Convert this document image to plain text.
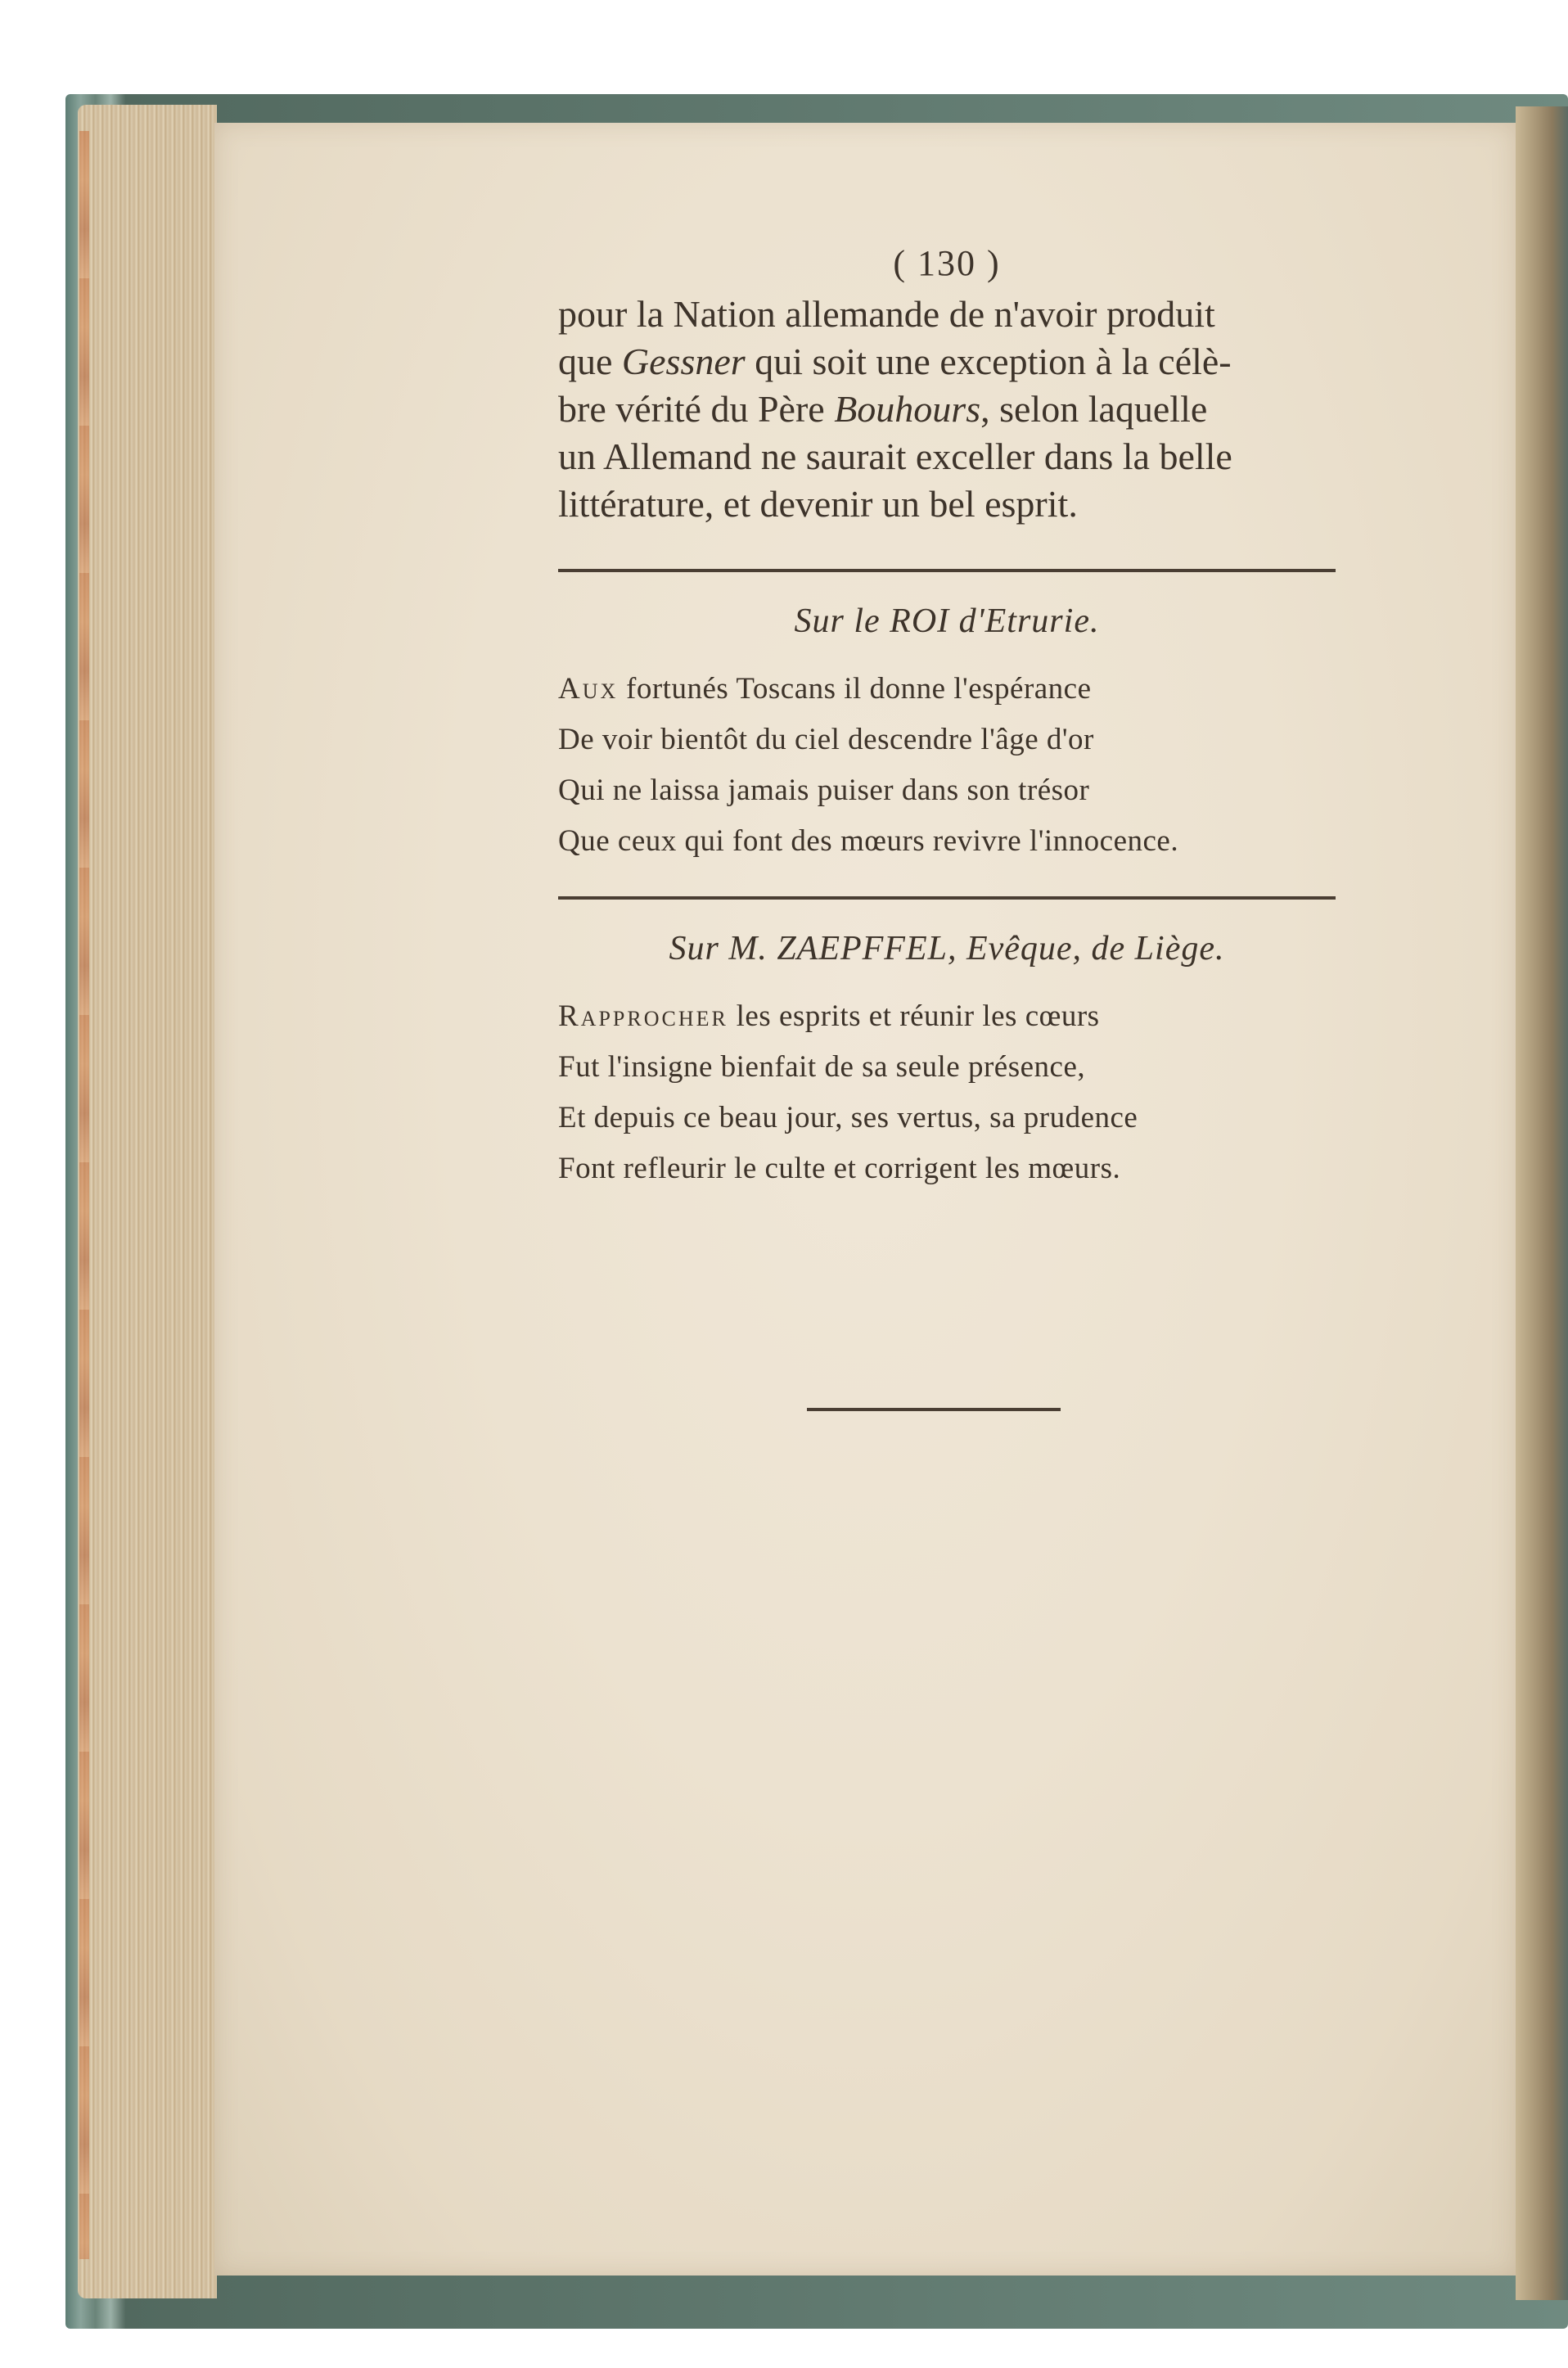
( 130 )

pour la Nation allemande de n'avoir produit
que Gessner qui soit une exception à la célè-
bre vérité du Père Bouhours, selon laquelle
un Allemand ne saurait exceller dans la belle
littérature, et devenir un bel esprit.

Sur le ROI d'Etrurie.

Aux fortunés Toscans il donne l'espérance
De voir bientôt du ciel descendre l'âge d'or
Qui ne laissa jamais puiser dans son trésor
Que ceux qui font des mœurs revivre l'innocence.

Sur M. ZAEPFFEL, Evêque, de Liège.

Rapprocher les esprits et réunir les cœurs
Fut l'insigne bienfait de sa seule présence,
Et depuis ce beau jour, ses vertus, sa prudence
Font refleurir le culte et corrigent les mœurs.
